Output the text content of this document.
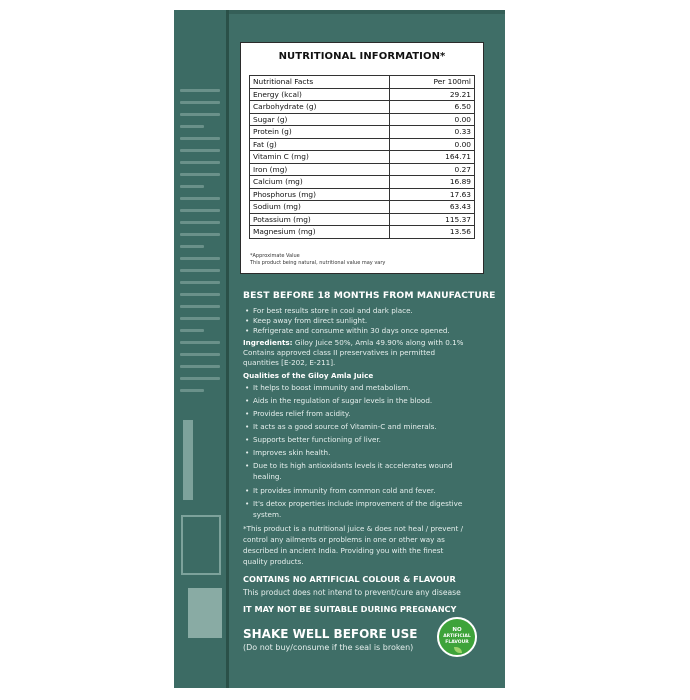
NUTRITIONAL INFORMATION*
Nutritional Facts	Per 100ml
Energy (kcal)	29.21
Carbohydrate (g)	6.50
Sugar (g)	0.00
Protein (g)	0.33
Fat (g)	0.00
Vitamin C (mg)	164.71
Iron (mg)	0.27
Calcium (mg)	16.89
Phosphorus (mg)	17.63
Sodium (mg)	63.43
Potassium (mg)	115.37
Magnesium (mg)	13.56
*Approximate Value
This product being natural, nutritional value may vary
BEST BEFORE 18 MONTHS FROM MANUFACTURE
• For best results store in cool and dark place.
• Keep away from direct sunlight.
• Refrigerate and consume within 30 days once opened.
Ingredients: Giloy Juice 50%, Amla 49.90% along with 0.1%
Contains approved class II preservatives in permitted
quantities [E-202, E-211].
Qualities of the Giloy Amla Juice
• It helps to boost immunity and metabolism.
• Aids in the regulation of sugar levels in the blood.
• Provides relief from acidity.
• It acts as a good source of Vitamin-C and minerals.
• Supports better functioning of liver.
• Improves skin health.
• Due to its high antioxidants levels it accelerates wound
healing.
• It provides immunity from common cold and fever.
• It's detox properties include improvement of the digestive
system.
*This product is a nutritional juice & does not heal / prevent /
control any ailments or problems in one or other way as
described in ancient India. Providing you with the finest
quality products.
CONTAINS NO ARTIFICIAL COLOUR & FLAVOUR
This product does not intend to prevent/cure any disease
IT MAY NOT BE SUITABLE DURING PREGNANCY
SHAKE WELL BEFORE USE
(Do not buy/consume if the seal is broken)
NO
ARTIFICIAL
FLAVOUR
